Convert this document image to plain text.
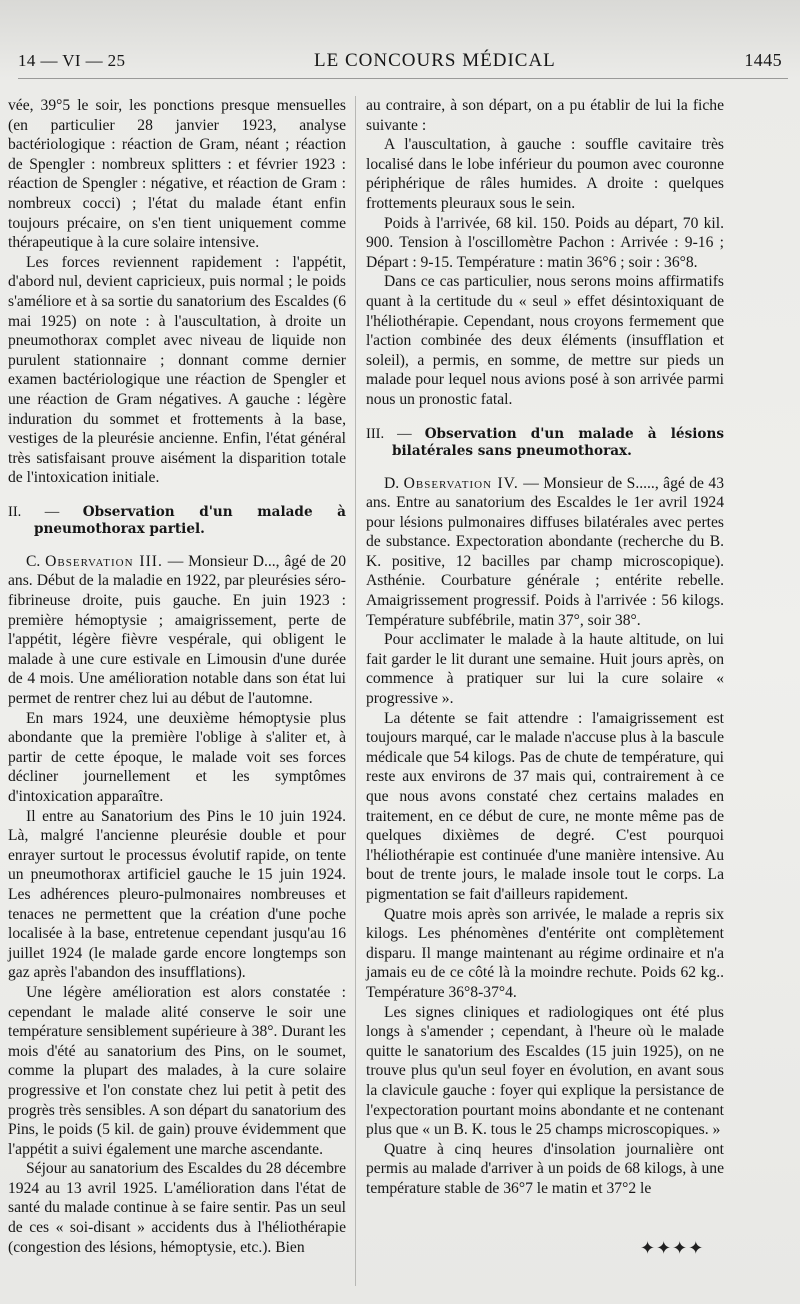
14 — VI — 25	LE CONCOURS MÉDICAL	1445

vée, 39°5 le soir, les ponctions presque mensuelles (en particulier 28 janvier 1923, analyse bactériologique : réaction de Gram, néant ; réaction de Spengler : nombreux splitters : et février 1923 : réaction de Spengler : négative, et réaction de Gram : nombreux cocci) ; l'état du malade étant enfin toujours précaire, on s'en tient uniquement comme thérapeutique à la cure solaire intensive.

Les forces reviennent rapidement : l'appétit, d'abord nul, devient capricieux, puis normal ; le poids s'améliore et à sa sortie du sanatorium des Escaldes (6 mai 1925) on note : à l'auscultation, à droite un pneumothorax complet avec niveau de liquide non purulent stationnaire ; donnant comme dernier examen bactériologique une réaction de Spengler et une réaction de Gram négatives. A gauche : légère induration du sommet et frottements à la base, vestiges de la pleurésie ancienne. Enfin, l'état général très satisfaisant prouve aisément la disparition totale de l'intoxication initiale.

II. — Observation d'un malade à pneumothorax partiel.

C. Observation III. — Monsieur D..., âgé de 20 ans. Début de la maladie en 1922, par pleurésies séro-fibrineuse droite, puis gauche. En juin 1923 : première hémoptysie ; amaigrissement, perte de l'appétit, légère fièvre vespérale, qui obligent le malade à une cure estivale en Limousin d'une durée de 4 mois. Une amélioration notable dans son état lui permet de rentrer chez lui au début de l'automne.

En mars 1924, une deuxième hémoptysie plus abondante que la première l'oblige à s'aliter et, à partir de cette époque, le malade voit ses forces décliner journellement et les symptômes d'intoxication apparaître.

Il entre au Sanatorium des Pins le 10 juin 1924. Là, malgré l'ancienne pleurésie double et pour enrayer surtout le processus évolutif rapide, on tente un pneumothorax artificiel gauche le 15 juin 1924. Les adhérences pleuro-pulmonaires nombreuses et tenaces ne permettent que la création d'une poche localisée à la base, entretenue cependant jusqu'au 16 juillet 1924 (le malade garde encore longtemps son gaz après l'abandon des insufflations).

Une légère amélioration est alors constatée : cependant le malade alité conserve le soir une température sensiblement supérieure à 38°. Durant les mois d'été au sanatorium des Pins, on le soumet, comme la plupart des malades, à la cure solaire progressive et l'on constate chez lui petit à petit des progrès très sensibles. A son départ du sanatorium des Pins, le poids (5 kil. de gain) prouve évidemment que l'appétit a suivi également une marche ascendante.

Séjour au sanatorium des Escaldes du 28 décembre 1924 au 13 avril 1925. L'amélioration dans l'état de santé du malade continue à se faire sentir. Pas un seul de ces « soi-disant » accidents dus à l'héliothérapie (congestion des lésions, hémoptysie, etc.). Bien

au contraire, à son départ, on a pu établir de lui la fiche suivante :

A l'auscultation, à gauche : souffle cavitaire très localisé dans le lobe inférieur du poumon avec couronne périphérique de râles humides. A droite : quelques frottements pleuraux sous le sein.

Poids à l'arrivée, 68 kil. 150. Poids au départ, 70 kil. 900. Tension à l'oscillomètre Pachon : Arrivée : 9-16 ; Départ : 9-15. Température : matin 36°6 ; soir : 36°8.

Dans ce cas particulier, nous serons moins affirmatifs quant à la certitude du « seul » effet désintoxiquant de l'héliothérapie. Cependant, nous croyons fermement que l'action combinée des deux éléments (insufflation et soleil), a permis, en somme, de mettre sur pieds un malade pour lequel nous avions posé à son arrivée parmi nous un pronostic fatal.

III. — Observation d'un malade à lésions bilatérales sans pneumothorax.

D. Observation IV. — Monsieur de S....., âgé de 43 ans. Entre au sanatorium des Escaldes le 1er avril 1924 pour lésions pulmonaires diffuses bilatérales avec pertes de substance. Expectoration abondante (recherche du B. K. positive, 12 bacilles par champ microscopique). Asthénie. Courbature générale ; entérite rebelle. Amaigrissement progressif. Poids à l'arrivée : 56 kilogs. Température subfébrile, matin 37°, soir 38°.

Pour acclimater le malade à la haute altitude, on lui fait garder le lit durant une semaine. Huit jours après, on commence à pratiquer sur lui la cure solaire « progressive ».

La détente se fait attendre : l'amaigrissement est toujours marqué, car le malade n'accuse plus à la bascule médicale que 54 kilogs. Pas de chute de température, qui reste aux environs de 37 mais qui, contrairement à ce que nous avons constaté chez certains malades en traitement, en ce début de cure, ne monte même pas de quelques dixièmes de degré. C'est pourquoi l'héliothérapie est continuée d'une manière intensive. Au bout de trente jours, le malade insole tout le corps. La pigmentation se fait d'ailleurs rapidement.

Quatre mois après son arrivée, le malade a repris six kilogs. Les phénomènes d'entérite ont complètement disparu. Il mange maintenant au régime ordinaire et n'a jamais eu de ce côté là la moindre rechute. Poids 62 kg.. Température 36°8-37°4.

Les signes cliniques et radiologiques ont été plus longs à s'amender ; cependant, à l'heure où le malade quitte le sanatorium des Escaldes (15 juin 1925), on ne trouve plus qu'un seul foyer en évolution, en avant sous la clavicule gauche : foyer qui explique la persistance de l'expectoration pourtant moins abondante et ne contenant plus que « un B. K. tous le 25 champs microscopiques. »

Quatre à cinq heures d'insolation journalière ont permis au malade d'arriver à un poids de 68 kilogs, à une température stable de 36°7 le matin et 37°2 le

✦✦✦✦
